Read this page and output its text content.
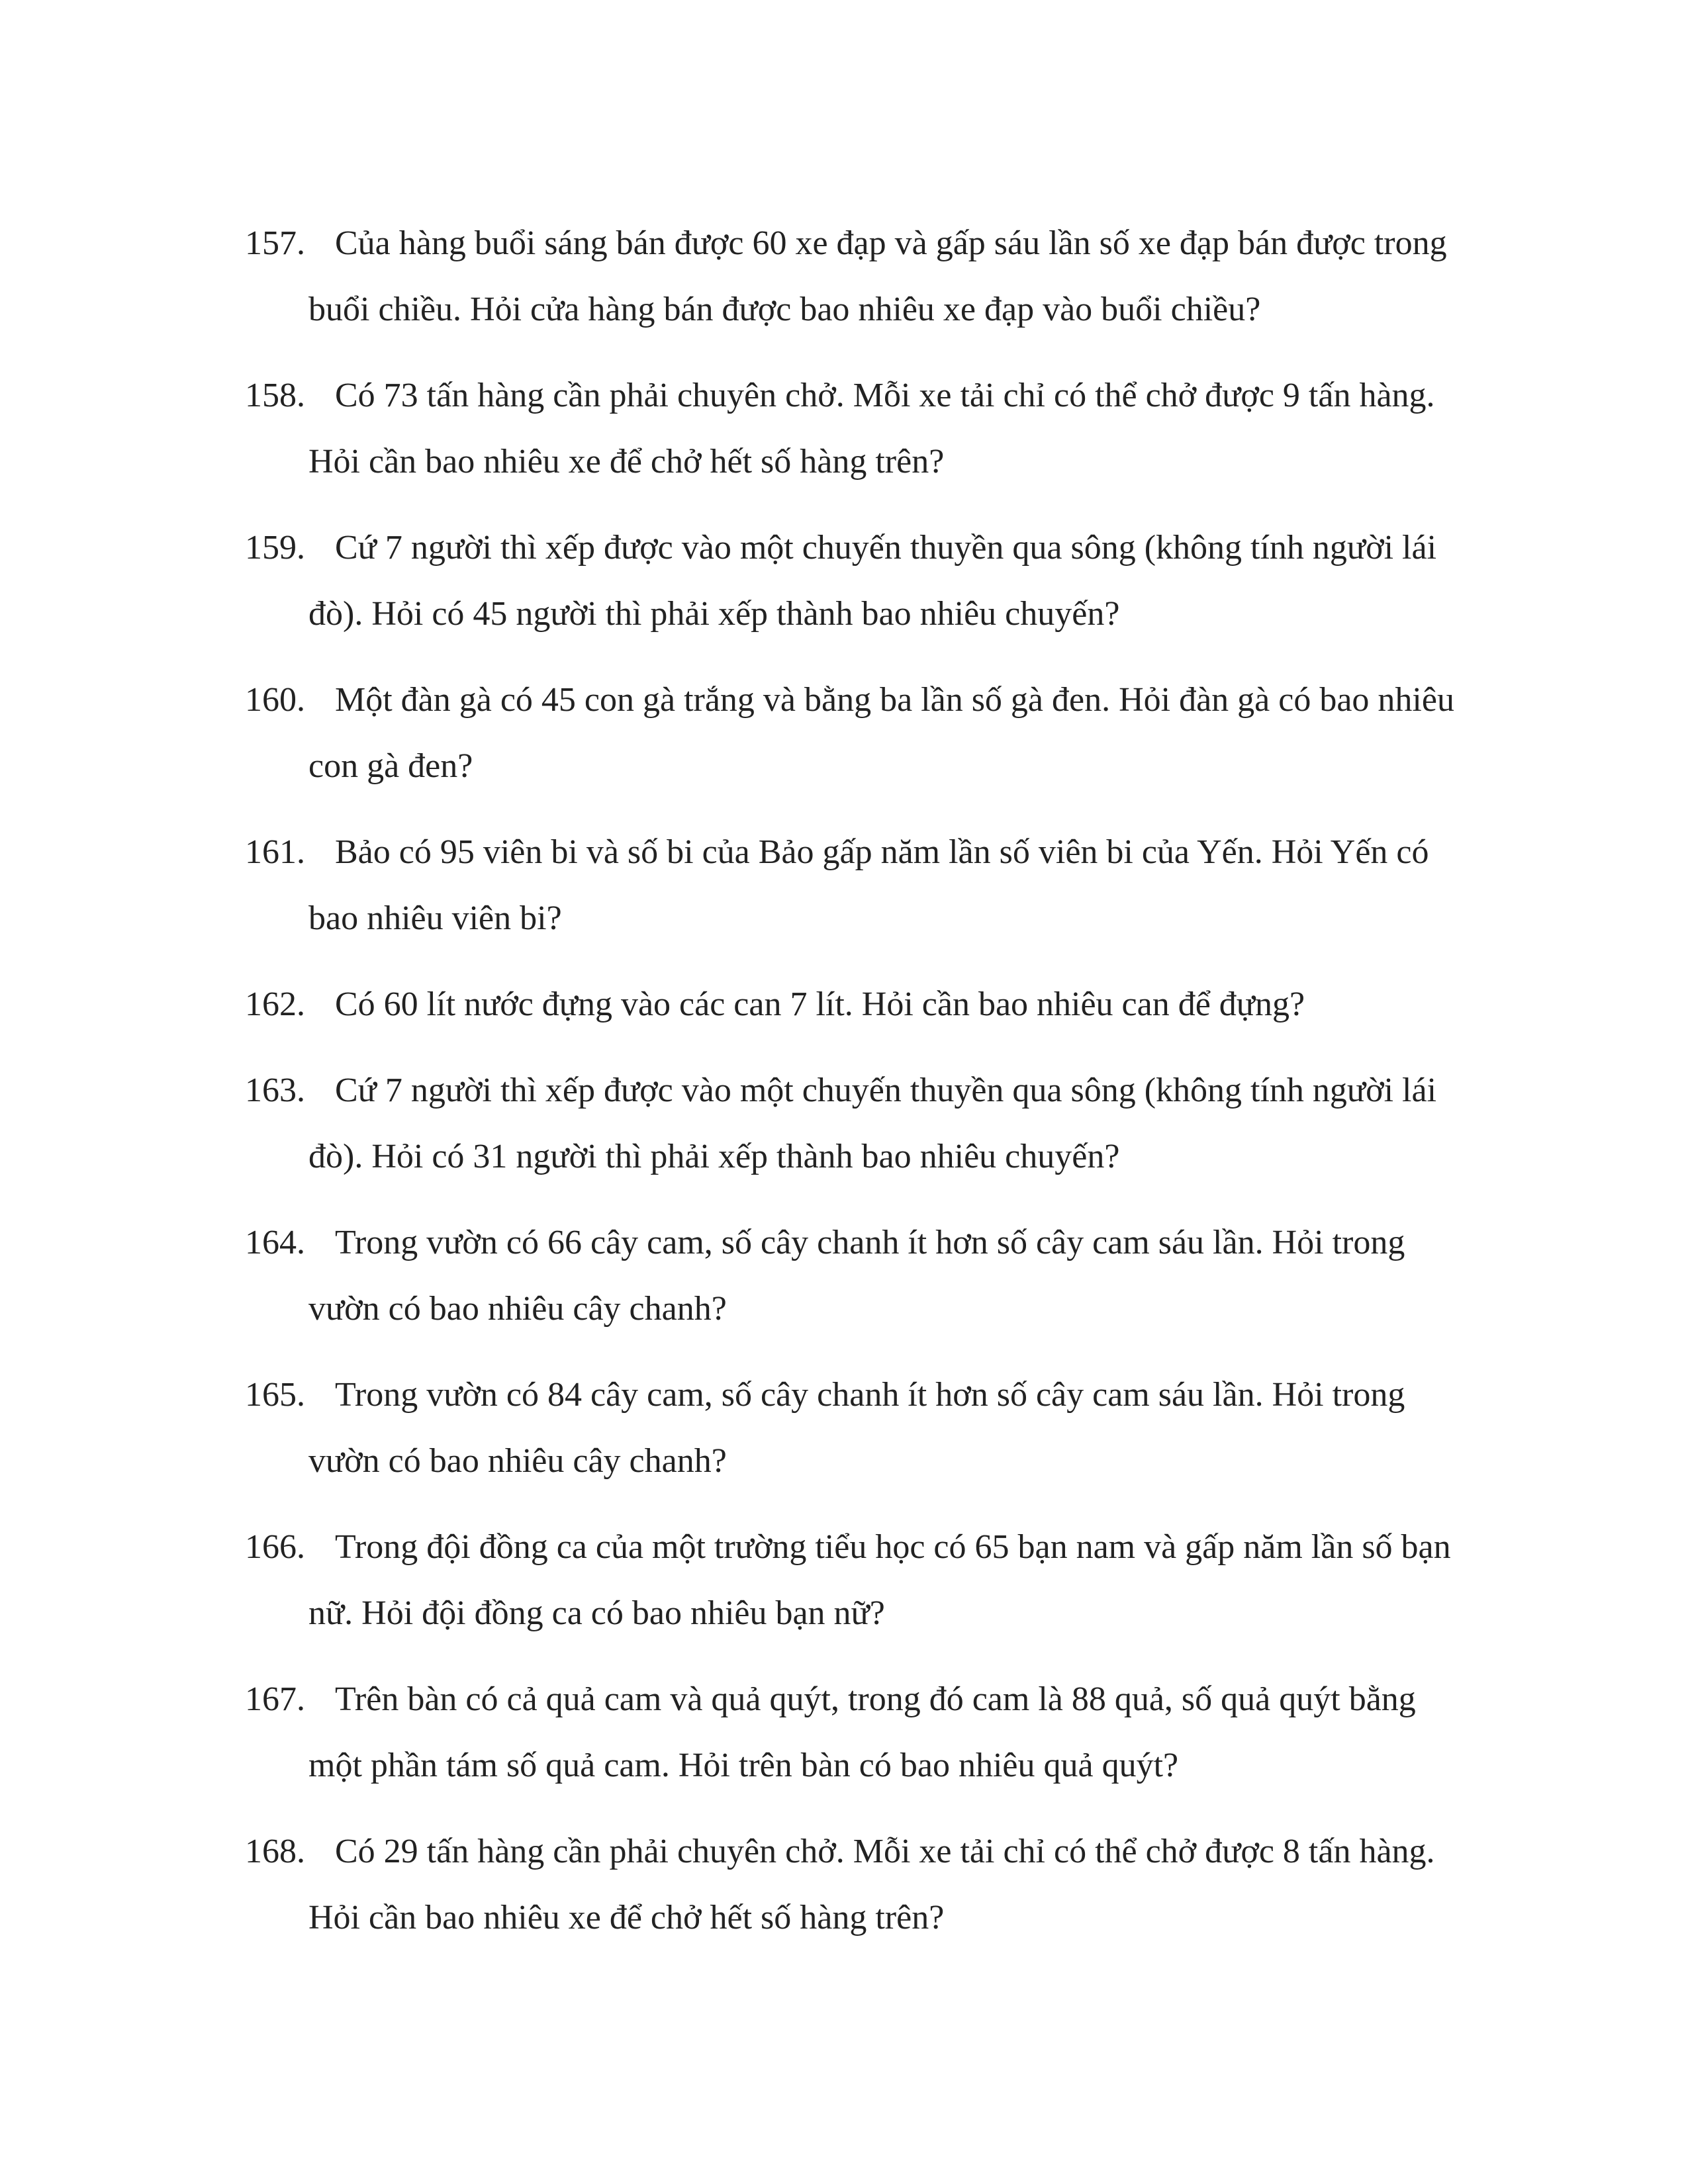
157. Của hàng buổi sáng bán được 60 xe đạp và gấp sáu lần số xe đạp bán được trong
buổi chiều. Hỏi cửa hàng bán được bao nhiêu xe đạp vào buổi chiều?
158. Có 73 tấn hàng cần phải chuyên chở. Mỗi xe tải chỉ có thể chở được 9 tấn hàng.
Hỏi cần bao nhiêu xe để chở hết số hàng trên?
159. Cứ 7 người thì xếp được vào một chuyến thuyền qua sông (không tính người lái
đò). Hỏi có 45 người thì phải xếp thành bao nhiêu chuyến?
160. Một đàn gà có 45 con gà trắng và bằng ba lần số gà đen. Hỏi đàn gà có bao nhiêu
con gà đen?
161. Bảo có 95 viên bi và số bi của Bảo gấp năm lần số viên bi của Yến. Hỏi Yến có
bao nhiêu viên bi?
162. Có 60 lít nước đựng vào các can 7 lít. Hỏi cần bao nhiêu can để đựng?
163. Cứ 7 người thì xếp được vào một chuyến thuyền qua sông (không tính người lái
đò). Hỏi có 31 người thì phải xếp thành bao nhiêu chuyến?
164. Trong vườn có 66 cây cam, số cây chanh ít hơn số cây cam sáu lần. Hỏi trong
vườn có bao nhiêu cây chanh?
165. Trong vườn có 84 cây cam, số cây chanh ít hơn số cây cam sáu lần. Hỏi trong
vườn có bao nhiêu cây chanh?
166. Trong đội đồng ca của một trường tiểu học có 65 bạn nam và gấp năm lần số bạn
nữ. Hỏi đội đồng ca có bao nhiêu bạn nữ?
167. Trên bàn có cả quả cam và quả quýt, trong đó cam là 88 quả, số quả quýt bằng
một phần tám số quả cam. Hỏi trên bàn có bao nhiêu quả quýt?
168. Có 29 tấn hàng cần phải chuyên chở. Mỗi xe tải chỉ có thể chở được 8 tấn hàng.
Hỏi cần bao nhiêu xe để chở hết số hàng trên?
